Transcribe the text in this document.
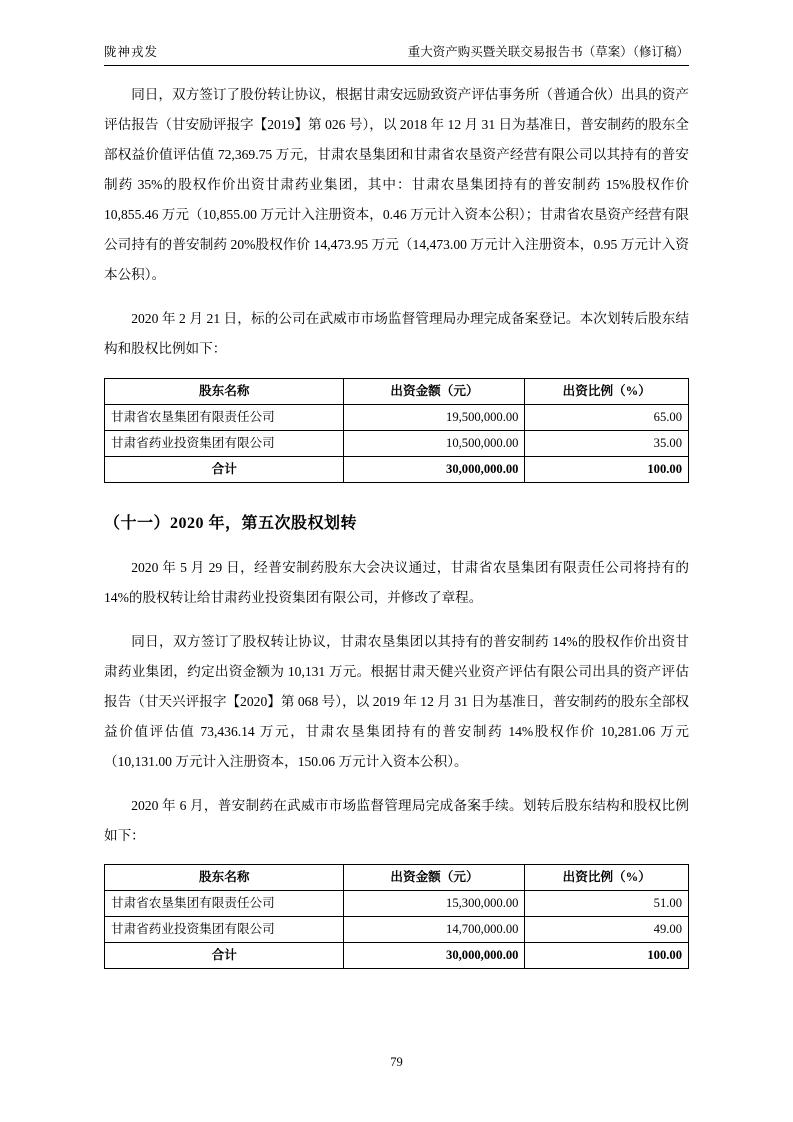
陇神戎发	重大资产购买暨关联交易报告书（草案）（修订稿）

同日，双方签订了股份转让协议，根据甘肃安远励致资产评估事务所（普通合伙）出具的资产评估报告（甘安励评报字【2019】第 026 号），以 2018 年 12 月 31 日为基准日，普安制药的股东全部权益价值评估值 72,369.75 万元，甘肃农垦集团和甘肃省农垦资产经营有限公司以其持有的普安制药 35%的股权作价出资甘肃药业集团，其中：甘肃农垦集团持有的普安制药 15%股权作价 10,855.46 万元（10,855.00 万元计入注册资本，0.46 万元计入资本公积）；甘肃省农垦资产经营有限公司持有的普安制药 20%股权作价 14,473.95 万元（14,473.00 万元计入注册资本，0.95 万元计入资本公积）。

2020 年 2 月 21 日，标的公司在武威市市场监督管理局办理完成备案登记。本次划转后股东结构和股权比例如下：

股东名称	出资金额（元）	出资比例（%）
甘肃省农垦集团有限责任公司	19,500,000.00	65.00
甘肃省药业投资集团有限公司	10,500,000.00	35.00
合计	30,000,000.00	100.00
（十一）2020 年，第五次股权划转

2020 年 5 月 29 日，经普安制药股东大会决议通过，甘肃省农垦集团有限责任公司将持有的 14%的股权转让给甘肃药业投资集团有限公司，并修改了章程。

同日，双方签订了股权转让协议，甘肃农垦集团以其持有的普安制药 14%的股权作价出资甘肃药业集团，约定出资金额为 10,131 万元。根据甘肃天健兴业资产评估有限公司出具的资产评估报告（甘天兴评报字【2020】第 068 号），以 2019 年 12 月 31 日为基准日，普安制药的股东全部权益价值评估值 73,436.14 万元，甘肃农垦集团持有的普安制药 14%股权作价 10,281.06 万元（10,131.00 万元计入注册资本，150.06 万元计入资本公积）。

2020 年 6 月，普安制药在武威市市场监督管理局完成备案手续。划转后股东结构和股权比例如下：

股东名称	出资金额（元）	出资比例（%）
甘肃省农垦集团有限责任公司	15,300,000.00	51.00
甘肃省药业投资集团有限公司	14,700,000.00	49.00
合计	30,000,000.00	100.00
79
